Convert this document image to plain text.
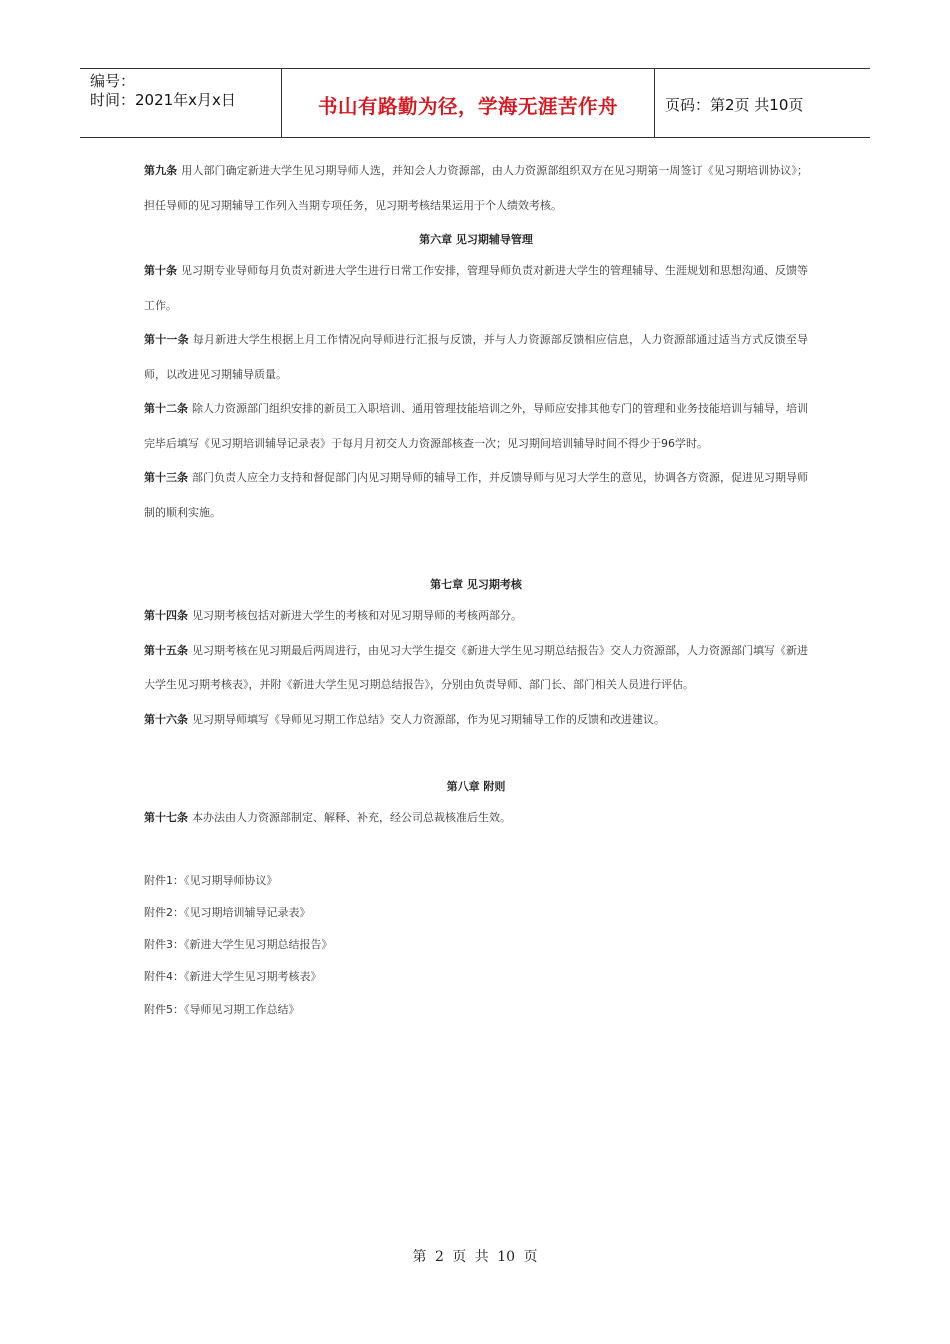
编号：
时间：2021年x月x日	书山有路勤为径，学海无涯苦作舟	页码：第2页 共10页

第九条 用人部门确定新进大学生见习期导师人选，并知会人力资源部，由人力资源部组织双方在见习期第一周签订《见习期培训协议》；担任导师的见习期辅导工作列入当期专项任务，见习期考核结果运用于个人绩效考核。

第六章 见习期辅导管理

第十条 见习期专业导师每月负责对新进大学生进行日常工作安排，管理导师负责对新进大学生的管理辅导、生涯规划和思想沟通、反馈等工作。

第十一条 每月新进大学生根据上月工作情况向导师进行汇报与反馈，并与人力资源部反馈相应信息，人力资源部通过适当方式反馈至导师，以改进见习期辅导质量。

第十二条 除人力资源部门组织安排的新员工入职培训、通用管理技能培训之外，导师应安排其他专门的管理和业务技能培训与辅导，培训完毕后填写《见习期培训辅导记录表》于每月月初交人力资源部核查一次；见习期间培训辅导时间不得少于96学时。

第十三条 部门负责人应全力支持和督促部门内见习期导师的辅导工作，并反馈导师与见习大学生的意见，协调各方资源，促进见习期导师制的顺利实施。

第七章 见习期考核

第十四条 见习期考核包括对新进大学生的考核和对见习期导师的考核两部分。

第十五条 见习期考核在见习期最后两周进行，由见习大学生提交《新进大学生见习期总结报告》交人力资源部，人力资源部门填写《新进大学生见习期考核表》，并附《新进大学生见习期总结报告》，分别由负责导师、部门长、部门相关人员进行评估。

第十六条 见习期导师填写《导师见习期工作总结》交人力资源部，作为见习期辅导工作的反馈和改进建议。

第八章 附则

第十七条 本办法由人力资源部制定、解释、补充，经公司总裁核准后生效。

附件1：《见习期导师协议》
附件2：《见习期培训辅导记录表》
附件3：《新进大学生见习期总结报告》
附件4：《新进大学生见习期考核表》
附件5：《导师见习期工作总结》
第 2 页 共 10 页
